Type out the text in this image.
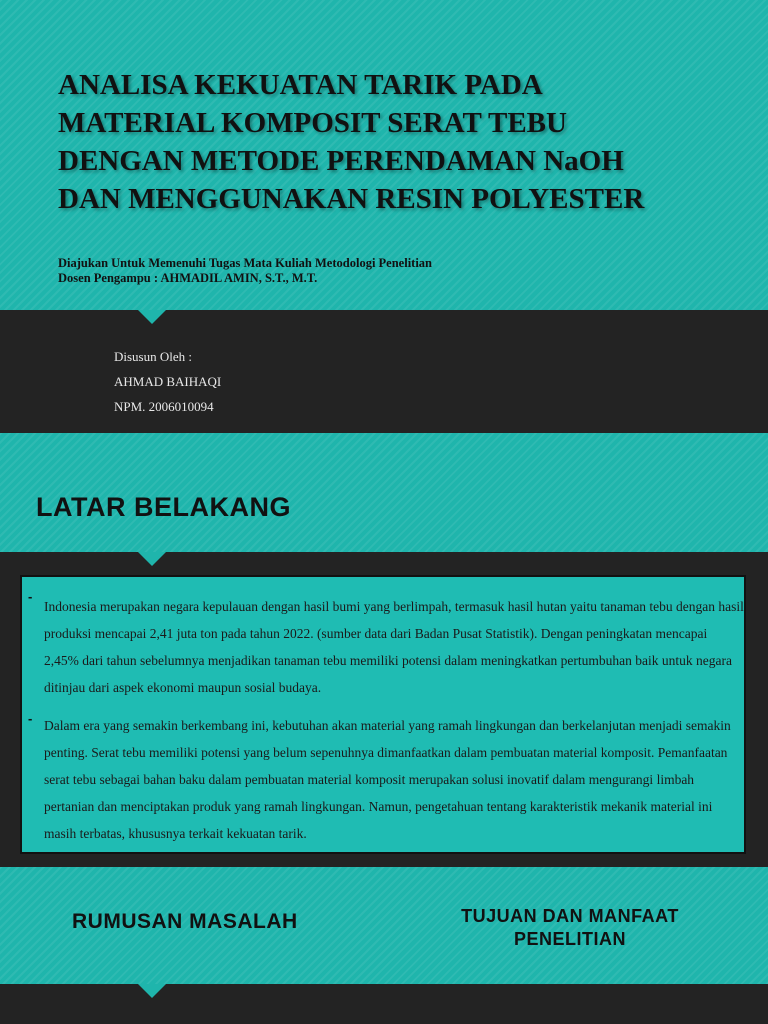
ANALISA KEKUATAN TARIK PADA
MATERIAL KOMPOSIT SERAT TEBU
DENGAN METODE PERENDAMAN NaOH
DAN MENGGUNAKAN RESIN POLYESTER
Diajukan Untuk Memenuhi Tugas Mata Kuliah Metodologi Penelitian
Dosen Pengampu : AHMADIL AMIN, S.T., M.T.
Disusun Oleh :
AHMAD BAIHAQI
NPM. 2006010094
LATAR BELAKANG
-
Indonesia merupakan negara kepulauan dengan hasil bumi yang berlimpah, termasuk hasil hutan yaitu tanaman tebu dengan hasil produksi mencapai 2,41 juta ton pada tahun 2022. (sumber data dari Badan Pusat Statistik). Dengan peningkatan mencapai 2,45% dari tahun sebelumnya menjadikan tanaman tebu memiliki potensi dalam meningkatkan pertumbuhan baik untuk negara ditinjau dari aspek ekonomi maupun sosial budaya.
- Dalam era yang semakin berkembang ini, kebutuhan akan material yang ramah lingkungan dan berkelanjutan menjadi semakin penting. Serat tebu memiliki potensi yang belum sepenuhnya dimanfaatkan dalam pembuatan material komposit. Pemanfaatan serat tebu sebagai bahan baku dalam pembuatan material komposit merupakan solusi inovatif dalam mengurangi limbah pertanian dan menciptakan produk yang ramah lingkungan. Namun, pengetahuan tentang karakteristik mekanik material ini masih terbatas, khususnya terkait kekuatan tarik.
RUMUSAN MASALAH	TUJUAN DAN MANFAAT
PENELITIAN
